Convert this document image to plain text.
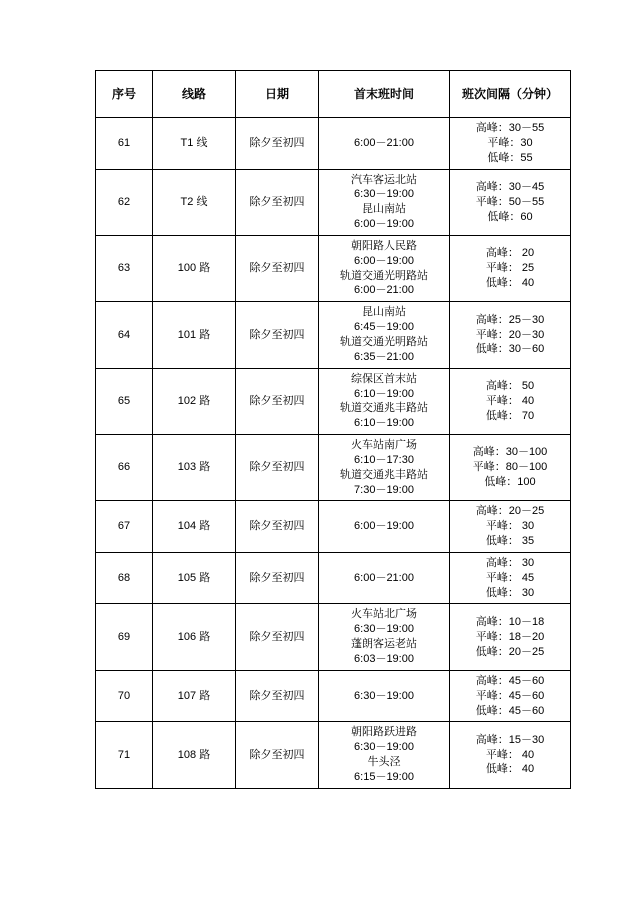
序号	线路	日期	首末班时间	班次间隔（分钟）
61	T1 线	除夕至初四	6:00－21:00	高峰：30－55
平峰：30
低峰：55

62	T2 线	除夕至初四	汽车客运北站
6:30－19:00
昆山南站
6:00－19:00	高峰：30－45
平峰：50－55
低峰：60

63	100 路	除夕至初四	朝阳路人民路
6:00－19:00
轨道交通光明路站
6:00－21:00	高峰： 20
平峰： 25
低峰： 40

64	101 路	除夕至初四	昆山南站
6:45－19:00
轨道交通光明路站
6:35－21:00	高峰：25－30
平峰：20－30
低峰：30－60

65	102 路	除夕至初四	综保区首末站
6:10－19:00
轨道交通兆丰路站
6:10－19:00	高峰： 50
平峰： 40
低峰： 70

66	103 路	除夕至初四	火车站南广场
6:10－17:30
轨道交通兆丰路站
7:30－19:00	高峰：30－100
平峰：80－100
低峰：100

67	104 路	除夕至初四	6:00－19:00	高峰：20－25
平峰： 30
低峰： 35

68	105 路	除夕至初四	6:00－21:00	高峰： 30
平峰： 45
低峰： 30

69	106 路	除夕至初四	火车站北广场
6:30－19:00
蓬朗客运老站
6:03－19:00	高峰：10－18
平峰：18－20
低峰：20－25

70	107 路	除夕至初四	6:30－19:00	高峰：45－60
平峰：45－60
低峰：45－60

71	108 路	除夕至初四	朝阳路跃进路
6:30－19:00
牛头泾
6:15－19:00	高峰：15－30
平峰： 40
低峰： 40
